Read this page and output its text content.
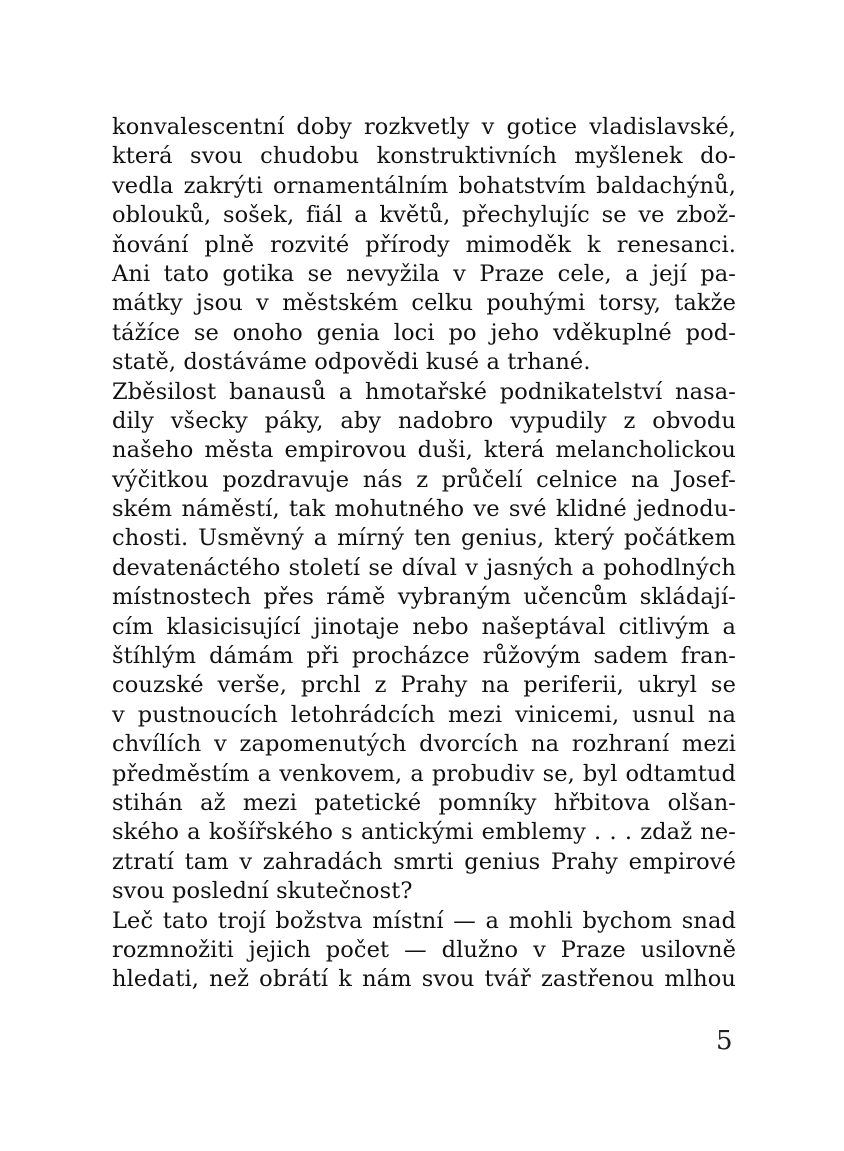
konvalescentní doby rozkvetly v gotice vladislavské,
která svou chudobu konstruktivních myšlenek do-
vedla zakrýti ornamentálním bohatstvím baldachýnů,
oblouků, sošek, fiál a květů, přechylujíc se ve zbož-
ňování plně rozvité přírody mimoděk k renesanci.
Ani tato gotika se nevyžila v Praze cele, a její pa-
mátky jsou v městském celku pouhými torsy, takže
tážíce se onoho genia loci po jeho vděkuplné pod-
statě, dostáváme odpovědi kusé a trhané.
Zběsilost banausů a hmotařské podnikatelství nasa-
dily všecky páky, aby nadobro vypudily z obvodu
našeho města empirovou duši, která melancholickou
výčitkou pozdravuje nás z průčelí celnice na Josef-
ském náměstí, tak mohutného ve své klidné jednodu-
chosti. Usměvný a mírný ten genius, který počátkem
devatenáctého století se díval v jasných a pohodlných
místnostech přes rámě vybraným učencům skládají-
cím klasicisující jinotaje nebo našeptával citlivým a
štíhlým dámám při procházce růžovým sadem fran-
couzské verše, prchl z Prahy na periferii, ukryl se
v pustnoucích letohrádcích mezi vinicemi, usnul na
chvílích v zapomenutých dvorcích na rozhraní mezi
předměstím a venkovem, a probudiv se, byl odtamtud
stihán až mezi patetické pomníky hřbitova olšan-
ského a košířského s antickými emblemy . . . zdaž ne-
ztratí tam v zahradách smrti genius Prahy empirové
svou poslední skutečnost?
Leč tato trojí božstva místní — a mohli bychom snad
rozmnožiti jejich počet — dlužno v Praze usilovně
hledati, než obrátí k nám svou tvář zastřenou mlhou
5
